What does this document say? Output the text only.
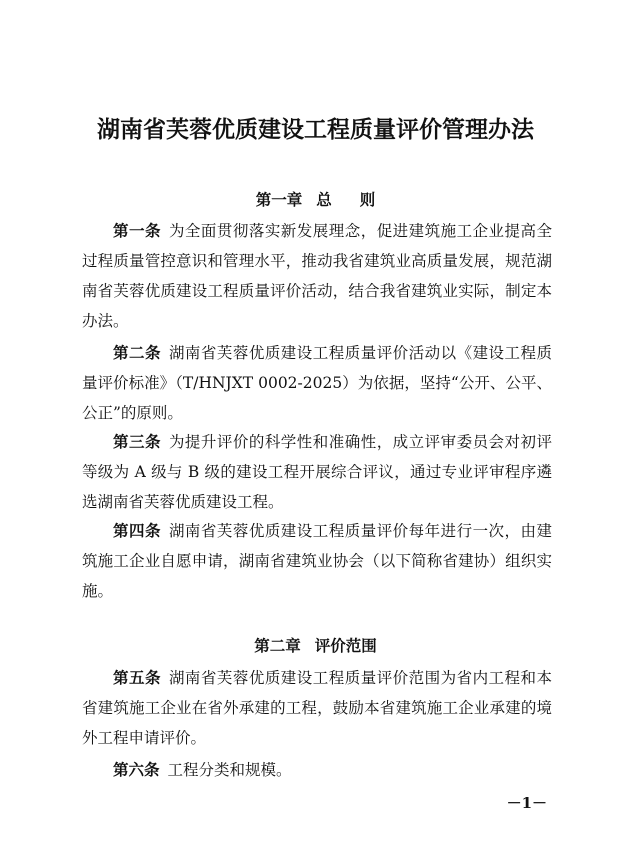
湖南省芙蓉优质建设工程质量评价管理办法
第一章 总 则
第一条 为全面贯彻落实新发展理念，促进建筑施工企业提高全过程质量管控意识和管理水平，推动我省建筑业高质量发展，规范湖南省芙蓉优质建设工程质量评价活动，结合我省建筑业实际，制定本办法。
第二条 湖南省芙蓉优质建设工程质量评价活动以《建设工程质量评价标准》（T/HNJXT 0002-2025）为依据，坚持“公开、公平、公正”的原则。
第三条 为提升评价的科学性和准确性，成立评审委员会对初评等级为 A 级与 B 级的建设工程开展综合评议，通过专业评审程序遴选湖南省芙蓉优质建设工程。
第四条 湖南省芙蓉优质建设工程质量评价每年进行一次，由建筑施工企业自愿申请，湖南省建筑业协会（以下简称省建协）组织实施。
第二章 评价范围
第五条 湖南省芙蓉优质建设工程质量评价范围为省内工程和本省建筑施工企业在省外承建的工程，鼓励本省建筑施工企业承建的境外工程申请评价。
第六条 工程分类和规模。
－1－
